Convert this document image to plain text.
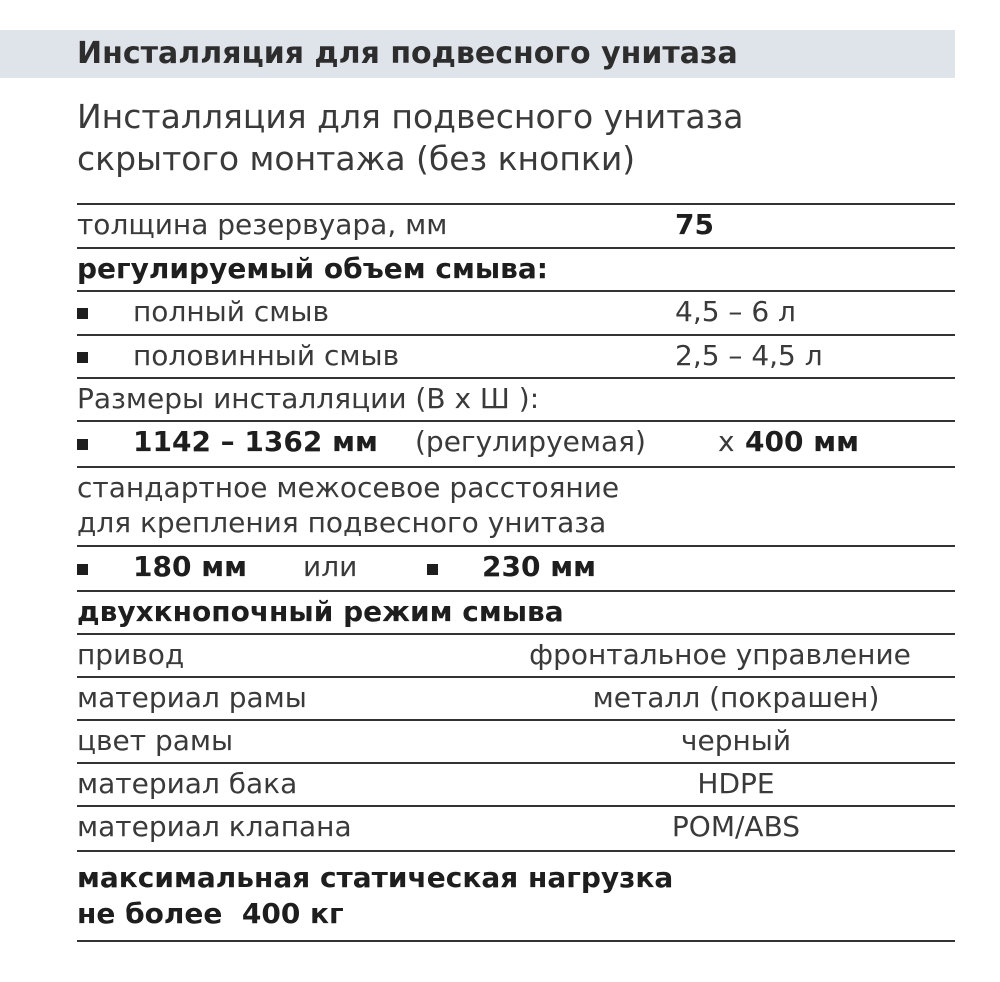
Инсталляция для подвесного унитаза
Инсталляция для подвесного унитаза
скрытого монтажа (без кнопки)
толщина резервуара, мм	75
регулируемый объем смыва:
полный смыв	4,5 – 6 л
половинный смыв	2,5 – 4,5 л
Размеры инсталляции (В х Ш ):
1142 – 1362 мм (регулируемая)	х 400 мм
стандартное межосевое расстояние
для крепления подвесного унитаза
180 мм или	230 мм
двухкнопочный режим смыва
привод	фронтальное управление
материал рамы	металл (покрашен)
цвет рамы	черный
материал бака	HDPE
материал клапана	POM/ABS
максимальная статическая нагрузка
не более  400 кг
